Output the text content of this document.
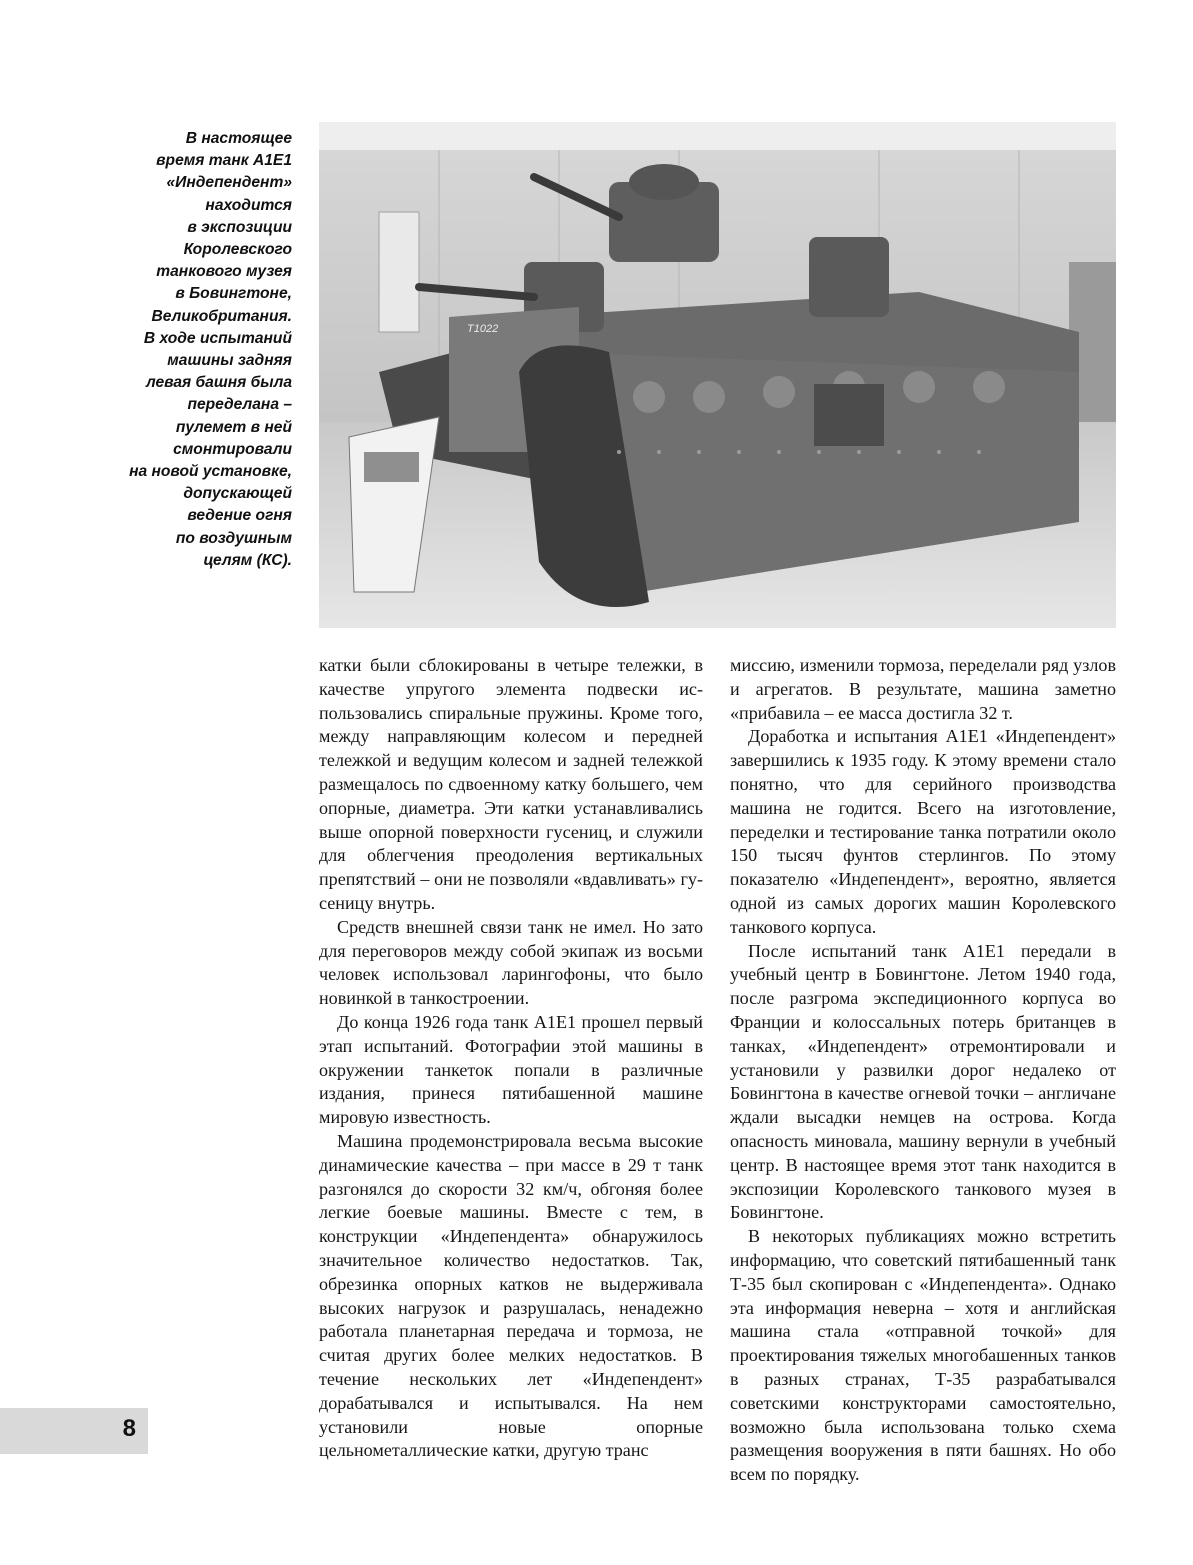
В настоящее
время танк A1E1
«Индепендент»
находится
в экспозиции
Королевского
танкового музея
в Бовингтоне,
Великобритания.
В ходе испытаний
машины задняя
левая башня была
переделана –
пулемет в ней
смонтировали
на новой установке,
допускающей
ведение огня
по воздушным
целям (КС).

T1022

катки были сблокированы в четыре тележки, в качестве упругого элемента подвески использовались спиральные пружины. Кроме того, между направляющим колесом и передней тележкой и ведущим колесом и задней тележкой размещалось по сдвоенному катку большего, чем опорные, диаметра. Эти катки устанавливались выше опорной поверхности гусениц, и служили для облегчения преодоления вертикальных препятствий – они не позволяли «вдавливать» гусеницу внутрь.

Средств внешней связи танк не имел. Но зато для переговоров между собой экипаж из восьми человек использовал ларингофоны, что было новинкой в танкостроении.

До конца 1926 года танк A1E1 прошел первый этап испытаний. Фотографии этой машины в окружении танкеток попали в различные издания, принеся пятибашенной машине мировую известность.

Машина продемонстрировала весьма высокие динамические качества – при массе в 29 т танк разгонялся до скорости 32 км/ч, обгоняя более легкие боевые машины. Вместе с тем, в конструкции «Индепендента» обнаружилось значительное количество недостатков. Так, обрезинка опорных катков не выдерживала высоких нагрузок и разрушалась, ненадежно работала планетарная передача и тормоза, не считая других более мелких недостатков. В течение нескольких лет «Индепендент» дорабатывался и испытывался. На нем установили новые опорные цельнометаллические катки, другую транс

миссию, изменили тормоза, переделали ряд узлов и агрегатов. В результате, машина заметно «прибавила – ее масса достигла 32 т.

Доработка и испытания A1E1 «Индепендент» завершились к 1935 году. К этому времени стало понятно, что для серийного производства машина не годится. Всего на изготовление, переделки и тестирование танка потратили около 150 тысяч фунтов стерлингов. По этому показателю «Индепендент», вероятно, является одной из самых дорогих машин Королевского танкового корпуса.

После испытаний танк A1E1 передали в учебный центр в Бовингтоне. Летом 1940 года, после разгрома экспедиционного корпуса во Франции и колоссальных потерь британцев в танках, «Индепендент» отремонтировали и установили у развилки дорог недалеко от Бовингтона в качестве огневой точки – англичане ждали высадки немцев на острова. Когда опасность миновала, машину вернули в учебный центр. В настоящее время этот танк находится в экспозиции Королевского танкового музея в Бовингтоне.

В некоторых публикациях можно встретить информацию, что советский пятибашенный танк Т-35 был скопирован с «Индепендента». Однако эта информация неверна – хотя и английская машина стала «отправной точкой» для проектирования тяжелых многобашенных танков в разных странах, Т-35 разрабатывался советскими конструкторами самостоятельно, возможно была использована только схема размещения вооружения в пяти башнях. Но обо всем по порядку.

8
